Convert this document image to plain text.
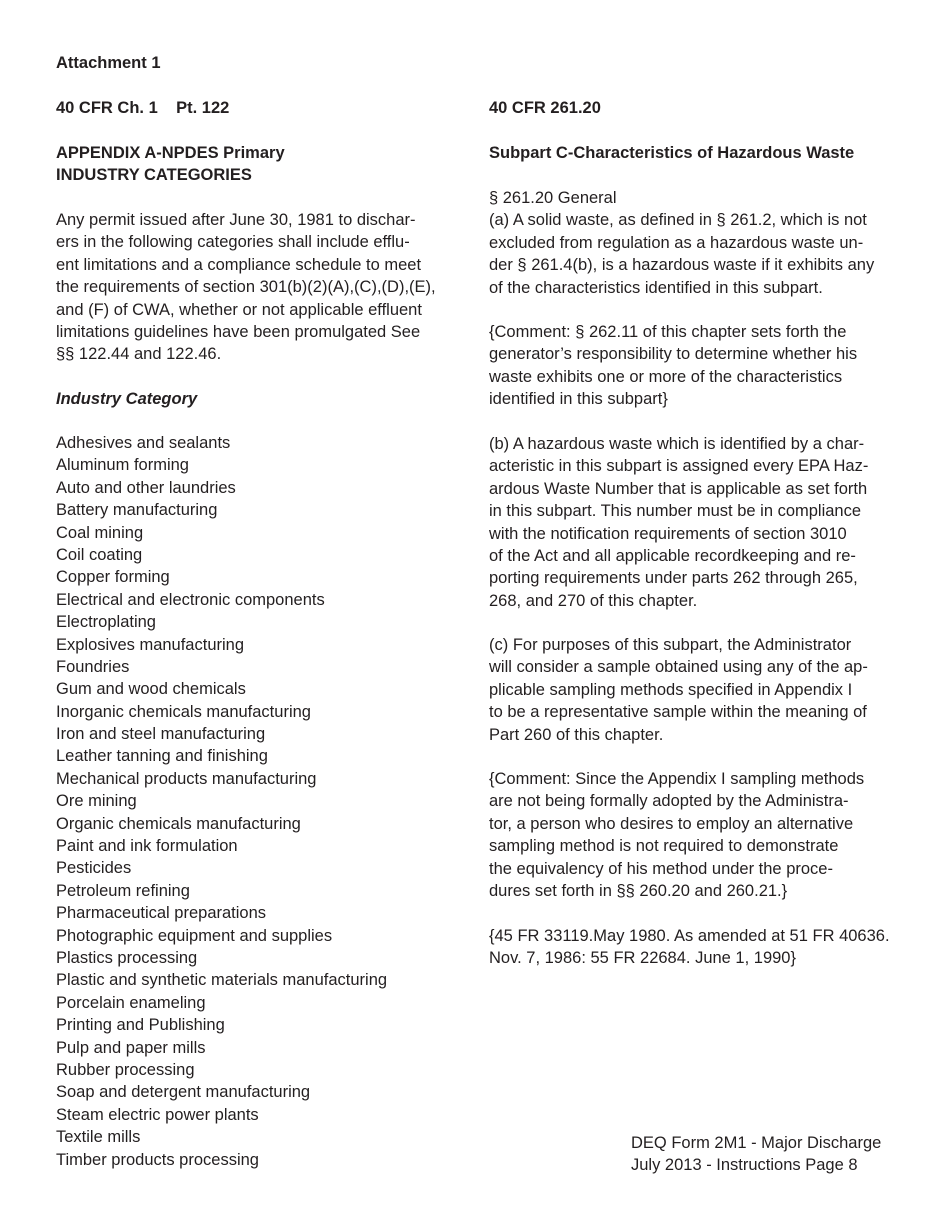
Attachment 1
40 CFR Ch. 1    Pt. 122
APPENDIX A-NPDES Primary
INDUSTRY CATEGORIES
Any permit issued after June 30, 1981 to dischar-
ers in the following categories shall include efflu-
ent limitations and a compliance schedule to meet
the requirements of section 301(b)(2)(A),(C),(D),(E),
and (F) of CWA, whether or not applicable effluent
limitations guidelines have been promulgated See
§§ 122.44 and 122.46.
Industry Category
Adhesives and sealants
Aluminum forming
Auto and other laundries
Battery manufacturing
Coal mining
Coil coating
Copper forming
Electrical and electronic components
Electroplating
Explosives manufacturing
Foundries
Gum and wood chemicals
Inorganic chemicals manufacturing
Iron and steel manufacturing
Leather tanning and finishing
Mechanical products manufacturing
Ore mining
Organic chemicals manufacturing
Paint and ink formulation
Pesticides
Petroleum refining
Pharmaceutical preparations
Photographic equipment and supplies
Plastics processing
Plastic and synthetic materials manufacturing
Porcelain enameling
Printing and Publishing
Pulp and paper mills
Rubber processing
Soap and detergent manufacturing
Steam electric power plants
Textile mills
Timber products processing
40 CFR 261.20
Subpart C-Characteristics of Hazardous Waste
§ 261.20 General
(a) A solid waste, as defined in § 261.2, which is not
excluded from regulation as a hazardous waste un-
der § 261.4(b), is a hazardous waste if it exhibits any
of the characteristics identified in this subpart.
{Comment: § 262.11 of this chapter sets forth the
generator’s responsibility to determine whether his
waste exhibits one or more of the characteristics
identified in this subpart}
(b) A hazardous waste which is identified by a char-
acteristic in this subpart is assigned every EPA Haz-
ardous Waste Number that is applicable as set forth
in this subpart. This number must be in compliance
with the notification requirements of section 3010
of the Act and all applicable recordkeeping and re-
porting requirements under parts 262 through 265,
268, and 270 of this chapter.
(c) For purposes of this subpart, the Administrator
will consider a sample obtained using any of the ap-
plicable sampling methods specified in Appendix I
to be a representative sample within the meaning of
Part 260 of this chapter.
{Comment: Since the Appendix I sampling methods
are not being formally adopted by the Administra-
tor, a person who desires to employ an alternative
sampling method is not required to demonstrate
the equivalency of his method under the proce-
dures set forth in §§ 260.20 and 260.21.}
{45 FR 33119.May 1980. As amended at 51 FR 40636.
Nov. 7, 1986: 55 FR 22684. June 1, 1990}
DEQ Form 2M1 - Major Discharge
July 2013 - Instructions Page 8
